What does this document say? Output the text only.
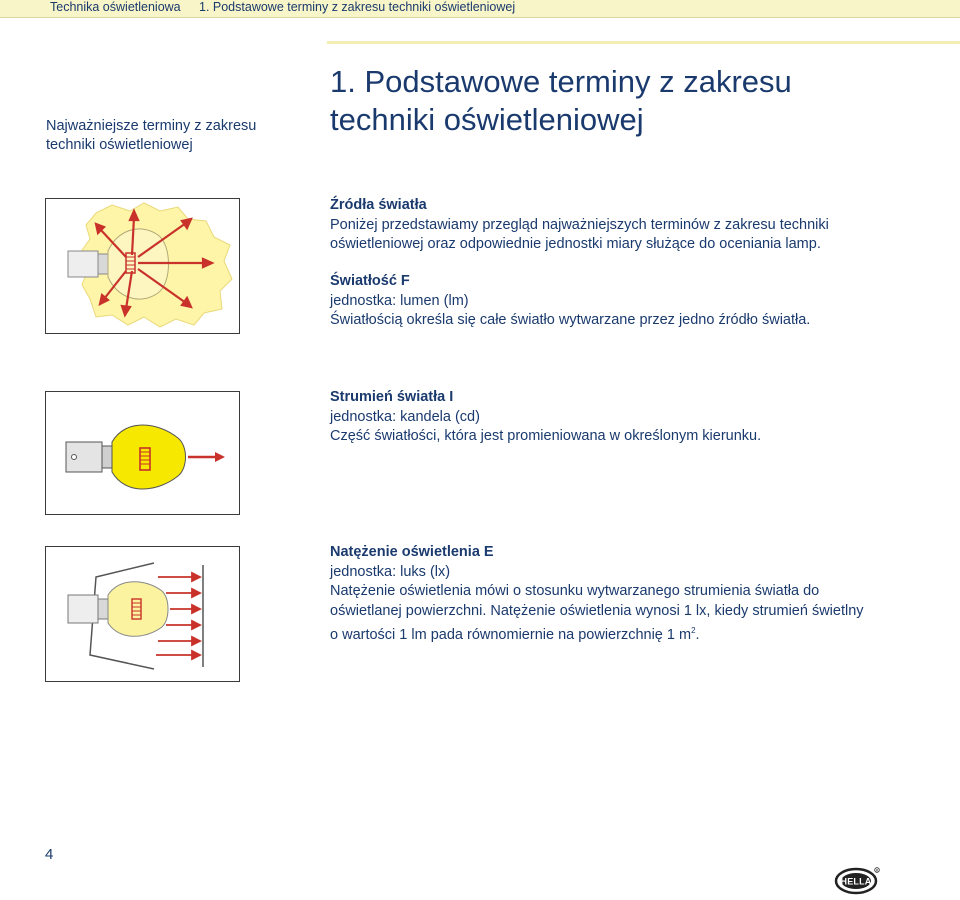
Technika oświetleniowa 1. Podstawowe terminy z zakresu techniki oświetleniowej
Najważniejsze terminy z zakresu
techniki oświetleniowej
1. Podstawowe terminy z zakresu
techniki oświetleniowej
Źródła światła

Poniżej przedstawiamy przegląd najważniejszych terminów z zakresu techniki

oświetleniowej oraz odpowiednie jednostki miary służące do oceniania lamp.

Światłość F

jednostka: lumen (lm)

Światłością określa się całe światło wytwarzane przez jedno źródło światła.

Strumień światła I

jednostka: kandela (cd)

Część światłości, która jest promieniowana w określonym kierunku.

Natężenie oświetlenia E

jednostka: luks (lx)

Natężenie oświetlenia mówi o stosunku wytwarzanego strumienia światła do

oświetlanej powierzchni. Natężenie oświetlenia wynosi 1 lx, kiedy strumień świetlny

o wartości 1 lm pada równomiernie na powierzchnię 1 $m^2$.

4
HELLA
R
